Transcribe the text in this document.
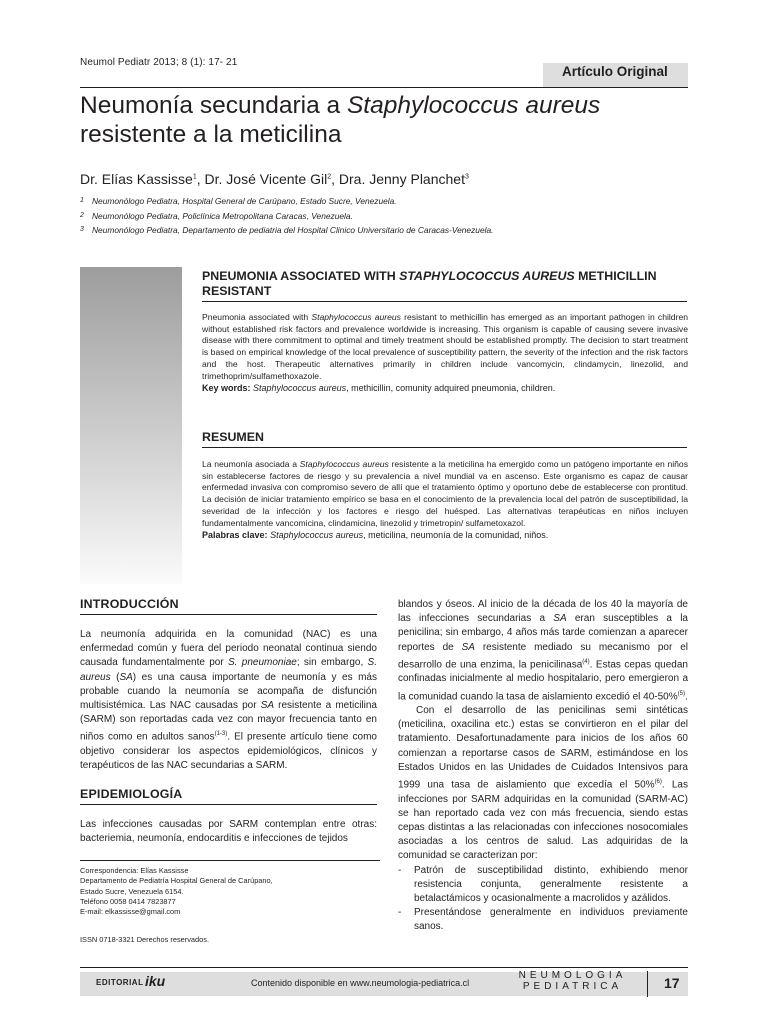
Neumol Pediatr 2013; 8 (1): 17- 21
Artículo Original
Neumonía secundaria a Staphylococcus aureus resistente a la meticilina
Dr. Elías Kassisse$^1$, Dr. José Vicente Gil$^2$, Dra. Jenny Planchet$^3$
1 Neumonólogo Pediatra, Hospital General de Carúpano, Estado Sucre, Venezuela.
2 Neumonólogo Pediatra, Policlínica Metropolitana Caracas, Venezuela.
3 Neumonólogo Pediatra, Departamento de pediatria del Hospital Clinico Universitario de Caracas-Venezuela.
PNEUMONIA ASSOCIATED WITH STAPHYLOCOCCUS AUREUS METHICILLIN RESISTANT
Pneumonia associated with Staphylococcus aureus resistant to methicillin has emerged as an important pathogen in children without established risk factors and prevalence worldwide is increasing. This organism is capable of causing severe invasive disease with there commitment to optimal and timely treatment should be established promptly. The decision to start treatment is based on empirical knowledge of the local prevalence of susceptibility pattern, the severity of the infection and the risk factors and the host. Therapeutic alternatives primarily in children include vancomycin, clindamycin, linezolid, and trimethoprim/sulfamethoxazole.
Key words: Staphylococcus aureus, methicillin, comunity adquired pneumonia, children.
RESUMEN
La neumonía asociada a Staphylococcus aureus resistente a la meticilina ha emergido como un patógeno importante en niños sin establecerse factores de riesgo y su prevalencia a nivel mundial va en ascenso. Este organismo es capaz de causar enfermedad invasiva con compromiso severo de allí que el tratamiento óptimo y oportuno debe de establecerse con prontitud. La decisión de iniciar tratamiento empírico se basa en el conocimiento de la prevalencia local del patrón de susceptibilidad, la severidad de la infección y los factores e riesgo del huésped. Las alternativas terapéuticas en niños incluyen fundamentalmente vancomicina, clindamicina, linezolid y trimetropin/ sulfametoxazol.
Palabras clave: Staphylococcus aureus, meticilina, neumonía de la comunidad, niños.
INTRODUCCIÓN

La neumonía adquirida en la comunidad (NAC) es una enfermedad común y fuera del periodo neonatal continua siendo causada fundamentalmente por S. pneumoniae; sin embargo, S. aureus (SA) es una causa importante de neumonía y es más probable cuando la neumonía se acompaña de disfunción multisistémica. Las NAC causadas por SA resistente a meticilina (SARM) son reportadas cada vez con mayor frecuencia tanto en niños como en adultos sanos$^{(1-3)}$. El presente artículo tiene como objetivo considerar los aspectos epidemiológicos, clínicos y terapéuticos de las NAC secundarias a SARM.

EPIDEMIOLOGÍA

Las infecciones causadas por SARM contemplan entre otras: bacteriemia, neumonía, endocarditis e infecciones de tejidos

Correspondencia: Elías Kassisse
Departamento de Pediatría Hospital General de Carúpano,
Estado Sucre, Venezuela 6154.
Teléfono 0058 0414 7823877
E-mail: elkassisse@gmail.com
ISSN 0718-3321 Derechos reservados.

blandos y óseos. Al inicio de la década de los 40 la mayoría de las infecciones secundarias a SA eran susceptibles a la penicilina; sin embargo, 4 años más tarde comienzan a aparecer reportes de SA resistente mediado su mecanismo por el desarrollo de una enzima, la penicilinasa$^{(4)}$. Estas cepas quedan confinadas inicialmente al medio hospitalario, pero emergieron a la comunidad cuando la tasa de aislamiento excedió el 40-50%$^{(5)}$.

Con el desarrollo de las penicilinas semi sintéticas (meticilina, oxacilina etc.) estas se convirtieron en el pilar del tratamiento. Desafortunadamente para inicios de los años 60 comienzan a reportarse casos de SARM, estimándose en los Estados Unidos en las Unidades de Cuidados Intensivos para 1999 una tasa de aislamiento que excedía el 50%$^{(6)}$. Las infecciones por SARM adquiridas en la comunidad (SARM-AC) se han reportado cada vez con más frecuencia, siendo estas cepas distintas a las relacionadas con infecciones nosocomiales asociadas a los centros de salud. Las adquiridas de la comunidad se caracterizan por:

- Patrón de susceptibilidad distinto, exhibiendo menor resistencia conjunta, generalmente resistente a betalactámicos y ocasionalmente a macrolidos y azálidos.

- Presentándose generalmente en individuos previamente sanos.

EDITORIAL iku	Contenido disponible en www.neumologia-pediatrica.cl
NEUMOLOGIA
PEDIATRICA	17
